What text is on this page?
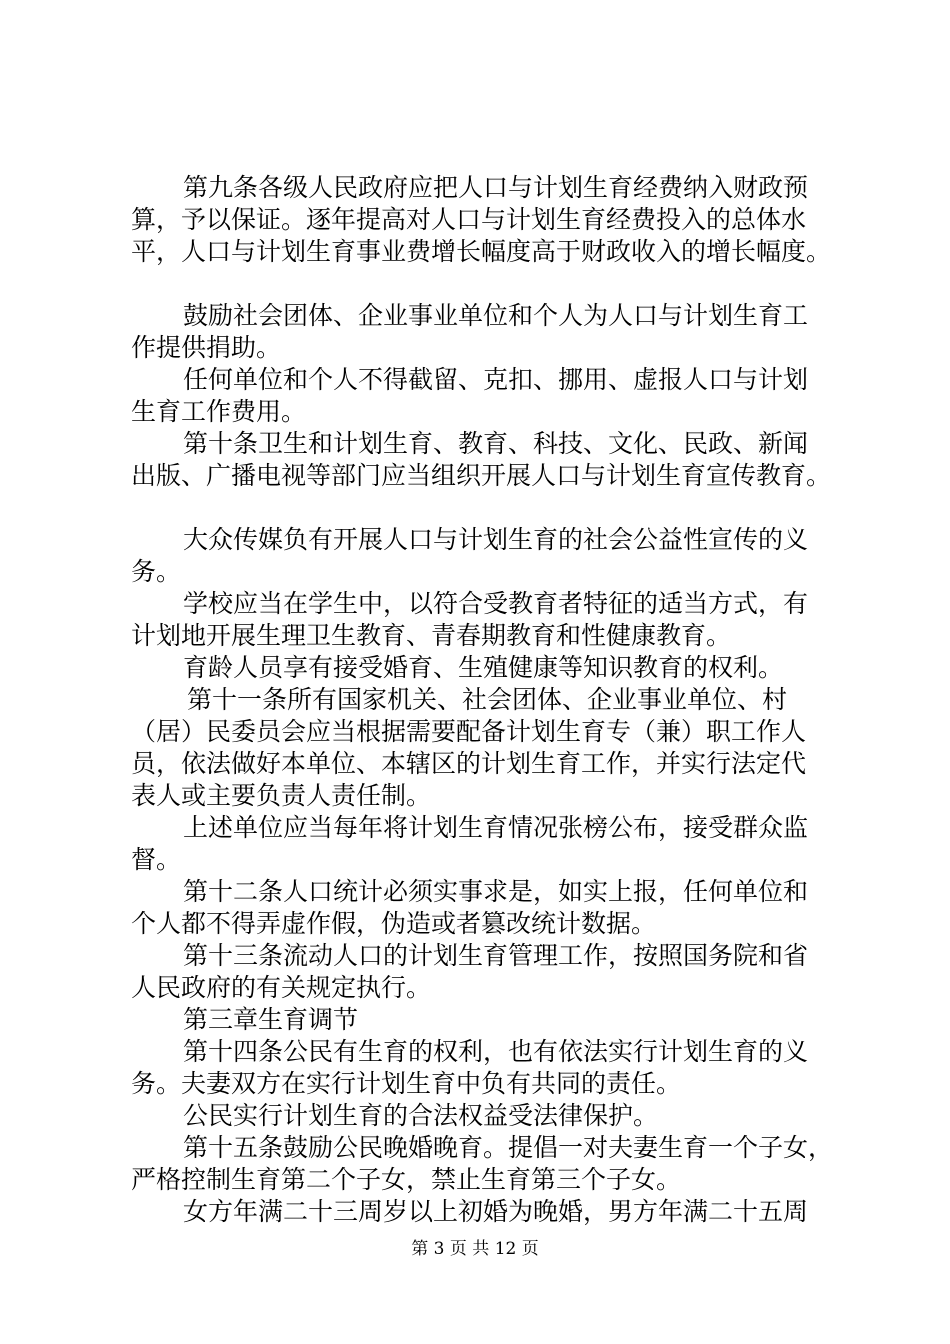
第九条各级人民政府应把人口与计划生育经费纳入财政预
算，予以保证。逐年提高对人口与计划生育经费投入的总体水
平，人口与计划生育事业费增长幅度高于财政收入的增长幅度。
鼓励社会团体、企业事业单位和个人为人口与计划生育工
作提供捐助。
任何单位和个人不得截留、克扣、挪用、虚报人口与计划
生育工作费用。
第十条卫生和计划生育、教育、科技、文化、民政、新闻
出版、广播电视等部门应当组织开展人口与计划生育宣传教育。
大众传媒负有开展人口与计划生育的社会公益性宣传的义
务。
学校应当在学生中，以符合受教育者特征的适当方式，有
计划地开展生理卫生教育、青春期教育和性健康教育。
育龄人员享有接受婚育、生殖健康等知识教育的权利。
第十一条所有国家机关、社会团体、企业事业单位、村
（居）民委员会应当根据需要配备计划生育专（兼）职工作人
员，依法做好本单位、本辖区的计划生育工作，并实行法定代
表人或主要负责人责任制。
上述单位应当每年将计划生育情况张榜公布，接受群众监
督。
第十二条人口统计必须实事求是，如实上报，任何单位和
个人都不得弄虚作假，伪造或者篡改统计数据。
第十三条流动人口的计划生育管理工作，按照国务院和省
人民政府的有关规定执行。
第三章生育调节
第十四条公民有生育的权利，也有依法实行计划生育的义
务。夫妻双方在实行计划生育中负有共同的责任。
公民实行计划生育的合法权益受法律保护。
第十五条鼓励公民晚婚晚育。提倡一对夫妻生育一个子女，
严格控制生育第二个子女，禁止生育第三个子女。
女方年满二十三周岁以上初婚为晚婚，男方年满二十五周
第 3 页 共 12 页
